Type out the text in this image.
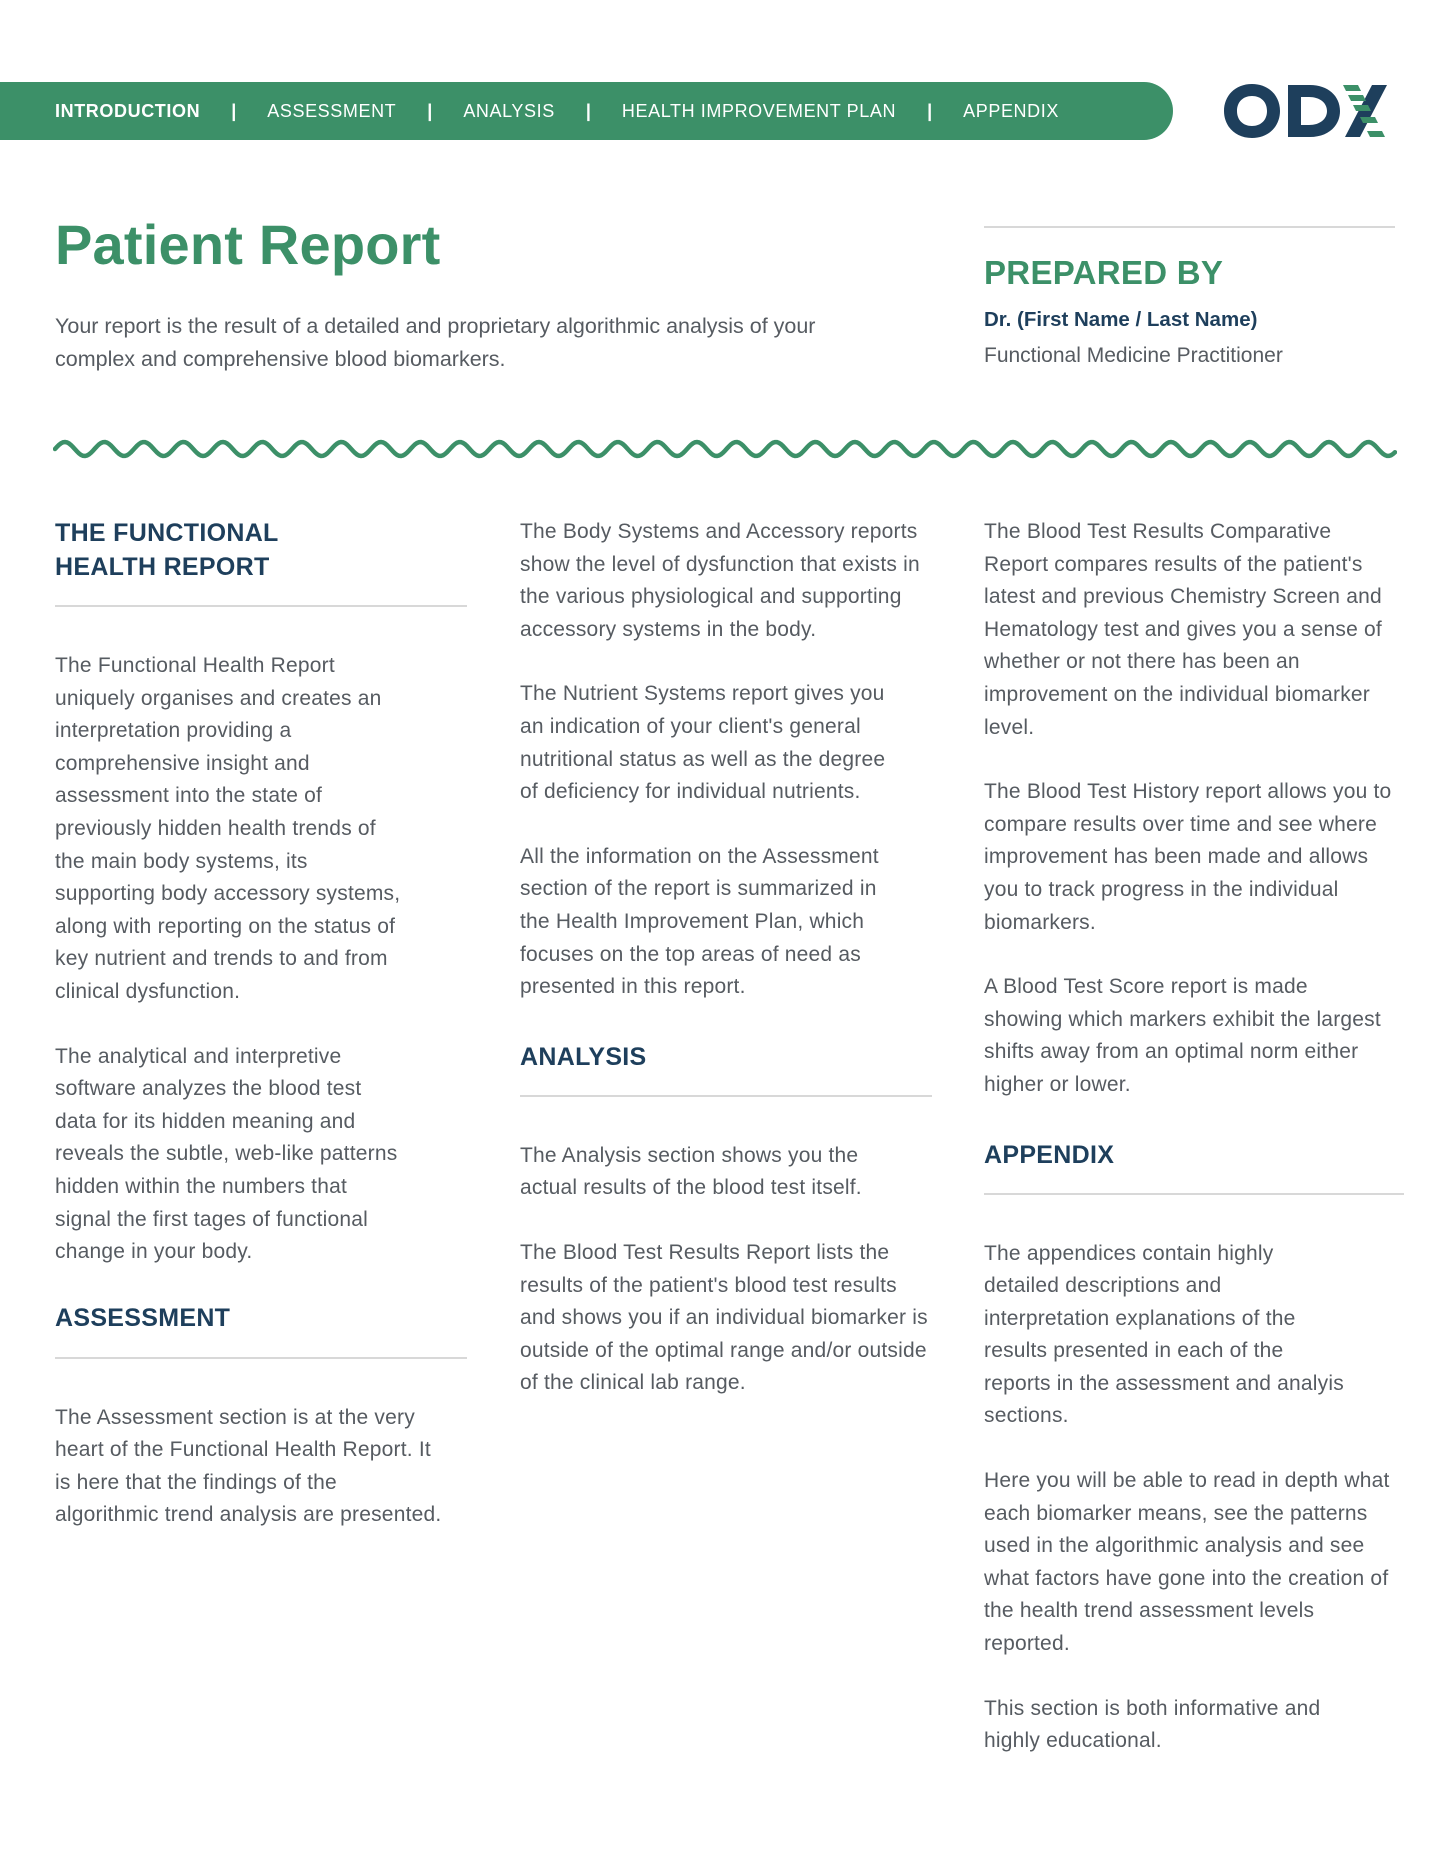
INTRODUCTION | ASSESSMENT | ANALYSIS | HEALTH IMPROVEMENT PLAN | APPENDIX
Patient Report

Your report is the result of a detailed and proprietary algorithmic analysis of your complex and comprehensive blood biomarkers.

PREPARED BY
Dr. (First Name / Last Name)
Functional Medicine Practitioner
THE FUNCTIONAL HEALTH REPORT

The Functional Health Report uniquely organises and creates an interpretation providing a comprehensive insight and assessment into the state of previously hidden health trends of the main body systems, its supporting body accessory systems, along with reporting on the status of key nutrient and trends to and from clinical dysfunction.

The analytical and interpretive software analyzes the blood test data for its hidden meaning and reveals the subtle, web-like patterns hidden within the numbers that signal the first tages of functional change in your body.

ASSESSMENT

The Assessment section is at the very heart of the Functional Health Report. It is here that the findings of the algorithmic trend analysis are presented.

The Body Systems and Accessory reports show the level of dysfunction that exists in the various physiological and supporting accessory systems in the body.

The Nutrient Systems report gives you an indication of your client's general nutritional status as well as the degree of deficiency for individual nutrients.

All the information on the Assessment section of the report is summarized in the Health Improvement Plan, which focuses on the top areas of need as presented in this report.

ANALYSIS

The Analysis section shows you the actual results of the blood test itself.

The Blood Test Results Report lists the results of the patient's blood test results and shows you if an individual biomarker is outside of the optimal range and/or outside of the clinical lab range.

The Blood Test Results Comparative Report compares results of the patient's latest and previous Chemistry Screen and Hematology test and gives you a sense of whether or not there has been an improvement on the individual biomarker level.

The Blood Test History report allows you to compare results over time and see where improvement has been made and allows you to track progress in the individual biomarkers.

A Blood Test Score report is made showing which markers exhibit the largest shifts away from an optimal norm either higher or lower.

APPENDIX

The appendices contain highly detailed descriptions and interpretation explanations of the results presented in each of the reports in the assessment and analyis sections.

Here you will be able to read in depth what each biomarker means, see the patterns used in the algorithmic analysis and see what factors have gone into the creation of the health trend assessment levels reported.

This section is both informative and highly educational.
